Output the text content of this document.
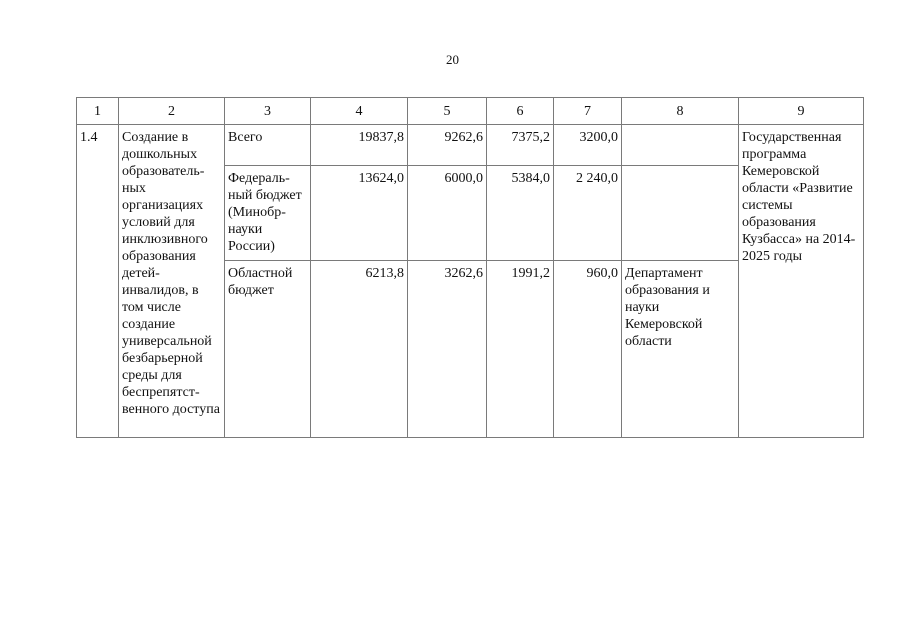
20
1	2	3	4	5	6	7	8	9
1.4	Создание в дошкольных образователь- ных организациях условий для инклюзивного образования детей- инвалидов, в том числе создание универсальной безбарьерной среды для беспрепятст- венного доступа	Всего	19837,8	9262,6	7375,2	3200,0		Государственная программа Кемеровской области «Развитие системы образования Кузбасса» на 2014-2025 годы
		Федераль- ный бюджет (Минобр- науки России)	13624,0	6000,0	5384,0	2 240,0		
		Областной бюджет	6213,8	3262,6	1991,2	960,0	Департамент образования и науки Кемеровской области	
